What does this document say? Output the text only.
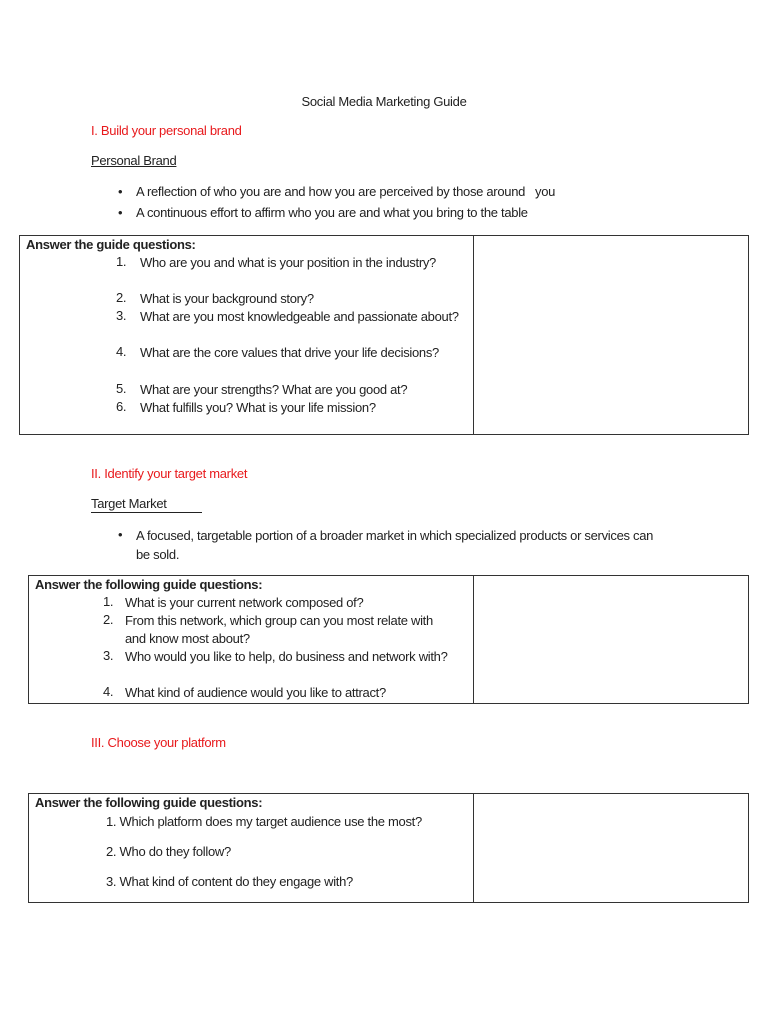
Social Media Marketing Guide
I. Build your personal brand
Personal Brand
• A reflection of who you are and how you are perceived by those around   you
• A continuous effort to affirm who you are and what you bring to the table
Answer the guide questions:
1. Who are you and what is your position in the industry?
2. What is your background story?
3. What are you most knowledgeable and passionate about?
4. What are the core values that drive your life decisions?
5. What are your strengths? What are you good at?
6. What fulfills you? What is your life mission?
II. Identify your target market
Target Market
• A focused, targetable portion of a broader market in which specialized products or services can be sold.
Answer the following guide questions:
1. What is your current network composed of?
2. From this network, which group can you most relate with and know most about?
3. Who would you like to help, do business and network with?
4. What kind of audience would you like to attract?
III. Choose your platform
Answer the following guide questions:
1. Which platform does my target audience use the most?
2. Who do they follow?
3. What kind of content do they engage with?
